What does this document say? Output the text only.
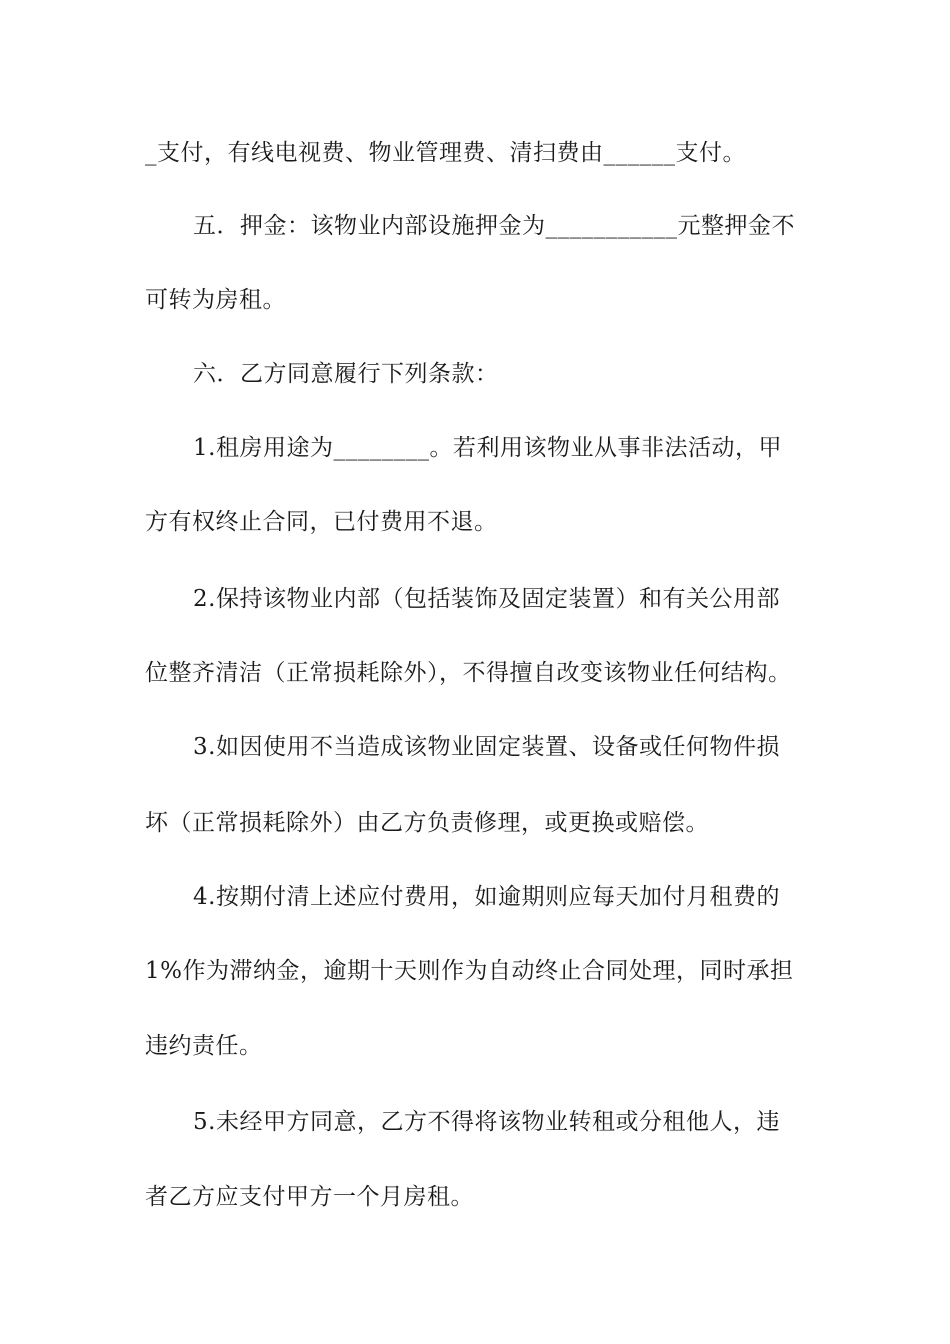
_支付，有线电视费、物业管理费、清扫费由______支付。
五．押金：该物业内部设施押金为___________元整押金不
可转为房租。
六．乙方同意履行下列条款：
1.租房用途为________。若利用该物业从事非法活动，甲
方有权终止合同，已付费用不退。
2.保持该物业内部（包括装饰及固定装置）和有关公用部
位整齐清洁（正常损耗除外），不得擅自改变该物业任何结构。
3.如因使用不当造成该物业固定装置、设备或任何物件损
坏（正常损耗除外）由乙方负责修理，或更换或赔偿。
4.按期付清上述应付费用，如逾期则应每天加付月租费的
1%作为滞纳金，逾期十天则作为自动终止合同处理，同时承担
违约责任。
5.未经甲方同意，乙方不得将该物业转租或分租他人，违
者乙方应支付甲方一个月房租。
